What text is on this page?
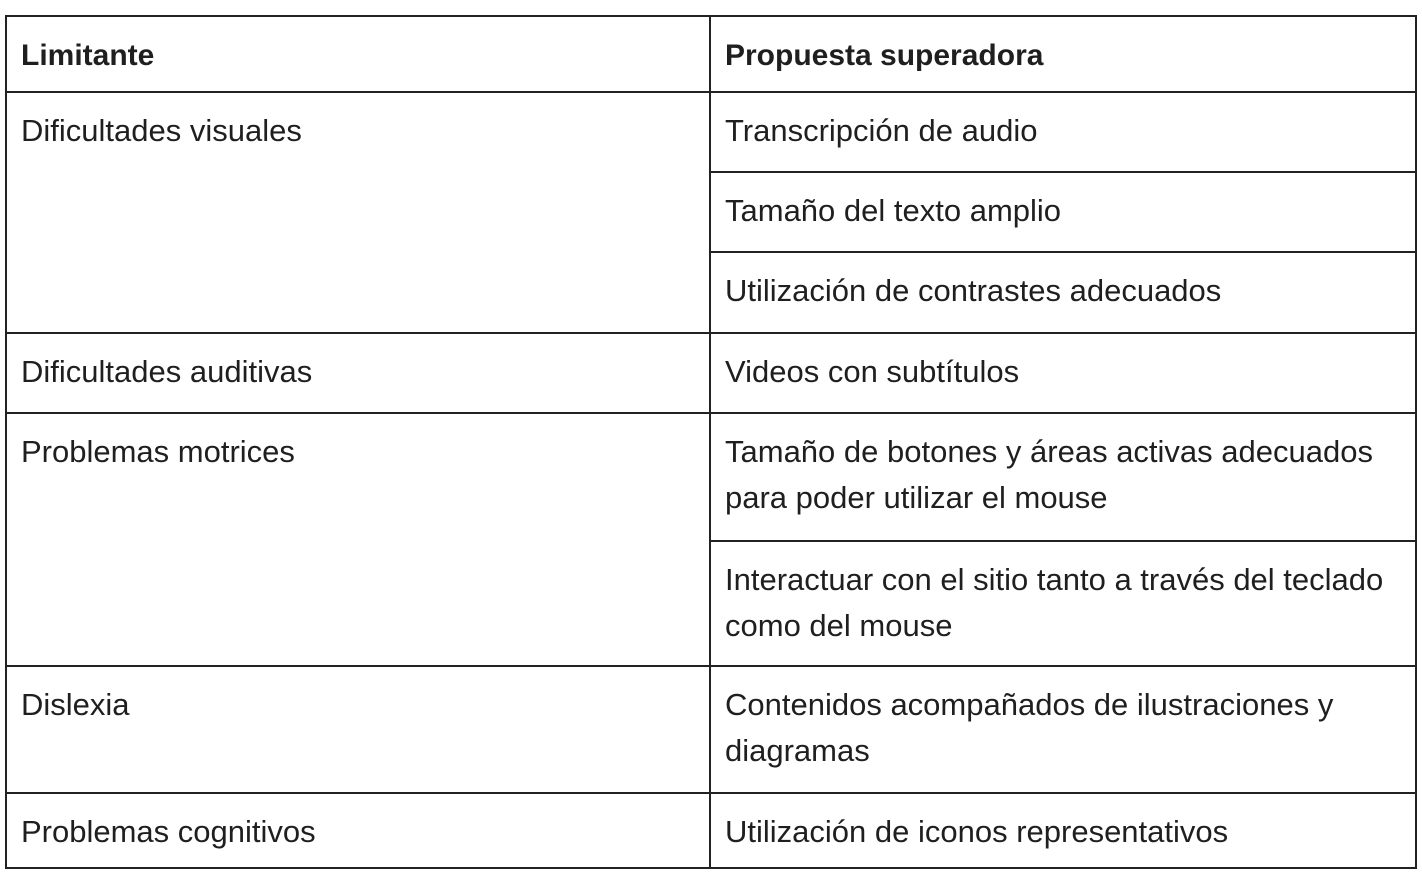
Limitante	Propuesta superadora

Dificultades visuales	Transcripción de audio

	Tamaño del texto amplio

	Utilización de contrastes adecuados

Dificultades auditivas	Videos con subtítulos

Problemas motrices	Tamaño de botones y áreas activas adecuados para poder utilizar el mouse

	Interactuar con el sitio tanto a través del teclado como del mouse

Dislexia	Contenidos acompañados de ilustraciones y diagramas

Problemas cognitivos	Utilización de iconos representativos
